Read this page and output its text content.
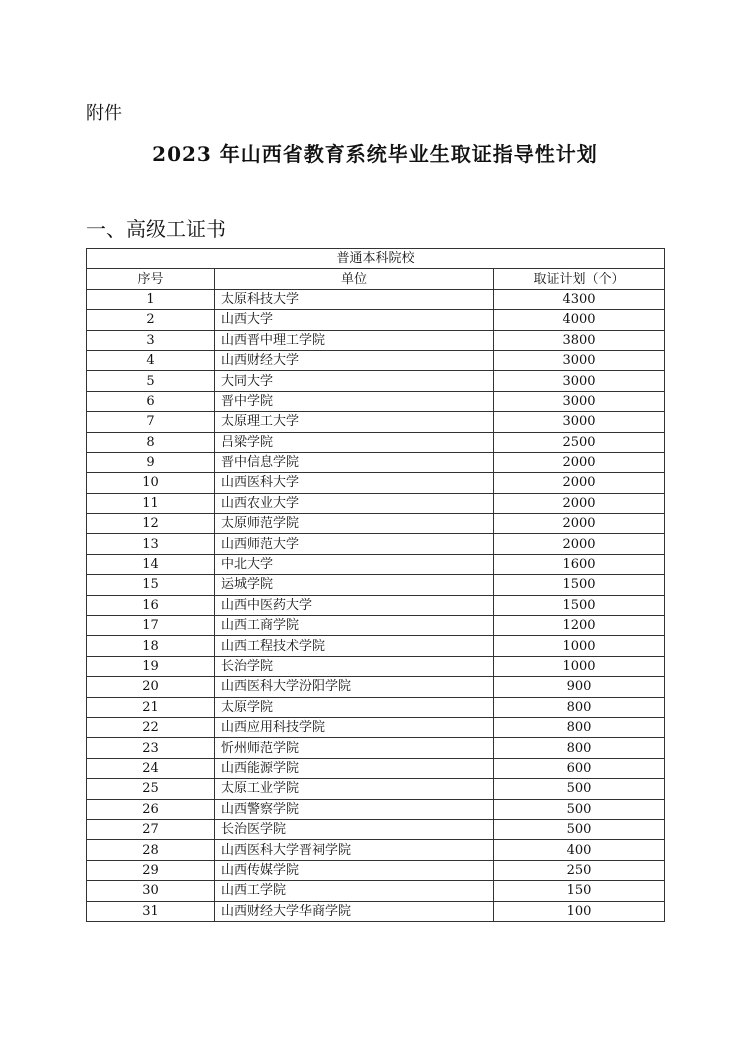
附件
2023 年山西省教育系统毕业生取证指导性计划
一、高级工证书
普通本科院校		
序号	单位	取证计划（个）
1	太原科技大学	4300
2	山西大学	4000
3	山西晋中理工学院	3800
4	山西财经大学	3000
5	大同大学	3000
6	晋中学院	3000
7	太原理工大学	3000
8	吕梁学院	2500
9	晋中信息学院	2000
10	山西医科大学	2000
11	山西农业大学	2000
12	太原师范学院	2000
13	山西师范大学	2000
14	中北大学	1600
15	运城学院	1500
16	山西中医药大学	1500
17	山西工商学院	1200
18	山西工程技术学院	1000
19	长治学院	1000
20	山西医科大学汾阳学院	900
21	太原学院	800
22	山西应用科技学院	800
23	忻州师范学院	800
24	山西能源学院	600
25	太原工业学院	500
26	山西警察学院	500
27	长治医学院	500
28	山西医科大学晋祠学院	400
29	山西传媒学院	250
30	山西工学院	150
31	山西财经大学华商学院	100
